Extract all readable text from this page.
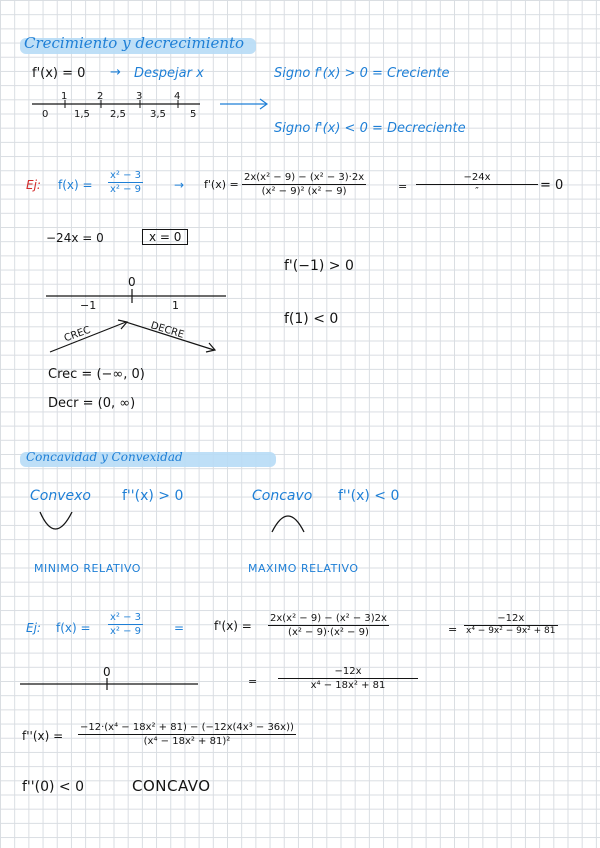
Crecimiento y decrecimiento
f'(x) = 0 → Despejar x
1	2	3	4
0	1,5 2,5 3,5 5
Signo f'(x) > 0 = Creciente
Signo f'(x) < 0 = Decreciente
Ej: f(x) =
x² − 3
x² − 9	→ f'(x) =
2x(x² − 9) − (x² − 3)·2x
(x² − 9)² (x² − 9)	=
−24x
″	= 0
−24x = 0	x = 0
0
−1	1
CREC	DECRE
f'(−1) > 0
f(1) < 0
Crec = (−∞, 0)
Decr = (0, ∞)
Concavidad y Convexidad
Convexo f''(x) > 0	Concavo f''(x) < 0
MINIMO RELATIVO	MAXIMO RELATIVO
Ej: f(x) =
x² − 3
x² − 9	= f'(x) =
2x(x² − 9) − (x² − 3)2x
(x² − 9)·(x² − 9)	=
−12x
x⁴ − 9x² − 9x² + 81
0
=
−12x
x⁴ − 18x² + 81
f''(x) =
−12·(x⁴ − 18x² + 81) − (−12x(4x³ − 36x))
(x⁴ − 18x² + 81)²
f''(0) < 0	CONCAVO
